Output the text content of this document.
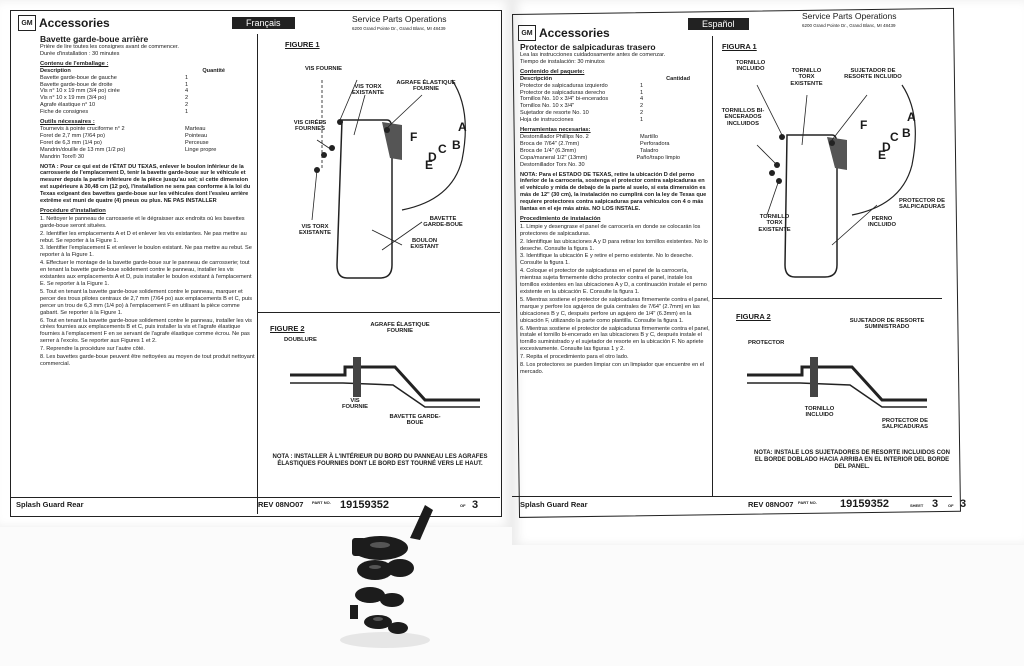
GM Accessories	Français	Service Parts Operations
6200 Grand Pointe Dr., Grand Blanc, MI 48439
Bavette garde-boue arrière
Prière de lire toutes les consignes avant de commencer.
Durée d'installation : 30 minutes
Contenu de l'emballage :
Description	Quantité
Bavette garde-boue de gauche	1
Bavette garde-boue de droite	1
Vis n° 10 x 19 mm (3/4 po) cirée	4
Vis n° 10 x 19 mm (3/4 po)	2
Agrafe élastique n° 10	2
Fiche de consignes	1
Outils nécessaires :
Tournevis à pointe cruciforme n° 2	Marteau
Foret de 2,7 mm (7/64 po)	Pointeau
Foret de 6,3 mm (1/4 po)	Perceuse
Mandrin/douille de 13 mm (1/2 po)	Linge propre
Mandrin Torx® 30
NOTA : Pour ce qui est de l'ÉTAT DU TEXAS, enlever le boulon inférieur de la carrosserie de l'emplacement D, tenir la bavette garde-boue sur le véhicule et mesurer depuis la partie inférieure de la pièce jusqu'au sol; si cette dimension est supérieure à 30,48 cm (12 po), l'installation ne sera pas conforme à la loi du Texas exigeant des bavettes garde-boue sur les véhicules dont l'essieu arrière extrême est muni de quatre (4) pneus ou plus. NE PAS INSTALLER
Procédure d'installation
1. Nettoyer le panneau de carrosserie et le dégraisser aux endroits où les bavettes garde-boue seront situées.
2. Identifier les emplacements A et D et enlever les vis existantes. Ne pas mettre au rebut. Se reporter à la Figure 1.
3. Identifier l'emplacement E et enlever le boulon existant. Ne pas mettre au rebut. Se reporter à la Figure 1.
4. Effectuer le montage de la bavette garde-boue sur le panneau de carrosserie; tout en tenant la bavette garde-boue solidement contre le panneau, installer les vis existantes aux emplacements A et D, puis installer le boulon existant à l'emplacement E. Se reporter à la Figure 1.
5. Tout en tenant la bavette garde-boue solidement contre le panneau, marquer et percer des trous pilotes centraux de 2,7 mm (7/64 po) aux emplacements B et C, puis percer un trou de 6,3 mm (1/4 po) à l'emplacement F en utilisant la pièce comme gabarit. Se reporter à la Figure 1.
6. Tout en tenant la bavette garde-boue solidement contre le panneau, installer les vis cirées fournies aux emplacements B et C, puis installer la vis et l'agrafe élastique fournies à l'emplacement F en se servant de l'agrafe élastique comme écrou. Ne pas serrer à l'excès. Se reporter aux Figures 1 et 2.
7. Reprendre la procédure sur l'autre côté.
8. Les bavettes garde-boue peuvent être nettoyées au moyen de tout produit nettoyant commercial.
FIGURE 1
VIS FOURNIE
VIS TORX EXISTANTE
AGRAFE ÉLASTIQUE FOURNIE
VIS CIRÉES FOURNIES
VIS TORX EXISTANTE
BAVETTE GARDE-BOUE
BOULON EXISTANT
A
B
C
D
E
F
FIGURE 2
DOUBLURE
AGRAFE ÉLASTIQUE FOURNIE
VIS FOURNIE
BAVETTE GARDE-BOUE
NOTA : INSTALLER À L'INTÉRIEUR DU BORD DU PANNEAU LES AGRAFES ÉLASTIQUES FOURNIES DONT LE BORD EST TOURNÉ VERS LE HAUT.
Splash Guard Rear	REV 08NO07 PART NO. 19159352	OF 3
GM Accessories
Español
Service Parts Operations
6200 Grand Pointe Dr., Grand Blanc, MI 48439
Protector de salpicaduras trasero
Lea las instrucciones cuidadosamente antes de comenzar.
Tiempo de instalación: 30 minutos
Contenido del paquete:
Descripción	Cantidad
Protector de salpicaduras izquierdo	1
Protector de salpicaduras derecho	1
Tornillos No. 10 x 3/4" bi-encerados	4
Tornillos No. 10 x 3/4"	2
Sujetador de resorte No. 10	2
Hoja de instrucciones	1
Herramientas necesarias:
Destornillador Phillips No. 2	Martillo
Broca de 7/64" (2.7mm)	Perforadora
Broca de 1/4" (6.3mm)	Taladro
Copa/maneral 1/2" (13mm)	Paño/trapo limpio
Destornillador Torx No. 30
NOTA: Para el ESTADO DE TEXAS, retire la ubicación D del perno inferior de la carrocería, sostenga el protector contra salpicaduras en el vehículo y mida de debajo de la parte al suelo, si esta dimensión es más de 12" (30 cm), la instalación no cumplirá con la ley de Texas que requiere protectores contra salpicaduras para vehículos con 4 o más llantas en el eje más atrás. NO LOS INSTALE.
Procedimiento de instalación
1. Limpie y desengrase el panel de carrocería en donde se colocarán los protectores de salpicaduras.
2. Identifique las ubicaciones A y D para retirar los tornillos existentes. No lo deseche. Consulte la figura 1.
3. Identifique la ubicación E y retire el perno existente. No lo deseche. Consulte la figura 1.
4. Coloque el protector de salpicaduras en el panel de la carrocería, mientras sujeta firmemente dicho protector contra el panel, instale los tornillos existentes en las ubicaciones A y D, a continuación instale el perno existente en la ubicación E. Consulte la figura 1.
5. Mientras sostiene el protector de salpicaduras firmemente contra el panel, marque y perfore los agujeros de guía centrales de 7/64" (2.7mm) en las ubicaciones B y C, después perfore un agujero de 1/4" (6.3mm) en la ubicación F, utilizando la parte como plantilla. Consulte la figura 1.
6. Mientras sostiene el protector de salpicaduras firmemente contra el panel, instale el tornillo bi-encerado en las ubicaciones B y C, después instale el tornillo suministrado y el sujetador de resorte en la ubicación F. No apriete excesivamente. Consulte las figuras 1 y 2.
7. Repita el procedimiento para el otro lado.
8. Los protectores se pueden limpiar con un limpiador que encuentre en el mercado.
FIGURA 1
TORNILLO INCLUIDO	TORNILLO TORX EXISTENTE
SUJETADOR DE RESORTE INCLUIDO
TORNILLOS BI-ENCERADOS INCLUIDOS
TORNILLO TORX EXISTENTE
PROTECTOR DE SALPICADURAS
PERNO INCLUIDO
A
B
C
D
E
F
FIGURA 2
PROTECTOR
SUJETADOR DE RESORTE SUMINISTRADO
TORNILLO INCLUIDO
PROTECTOR DE SALPICADURAS
NOTA: INSTALE LOS SUJETADORES DE RESORTE INCLUIDOS CON EL BORDE DOBLADO HACIA ARRIBA EN EL INTERIOR DEL BORDE DEL PANEL.
Splash Guard Rear	REV 08NO07 PART NO. 19159352	SHEET 3 OF 3
